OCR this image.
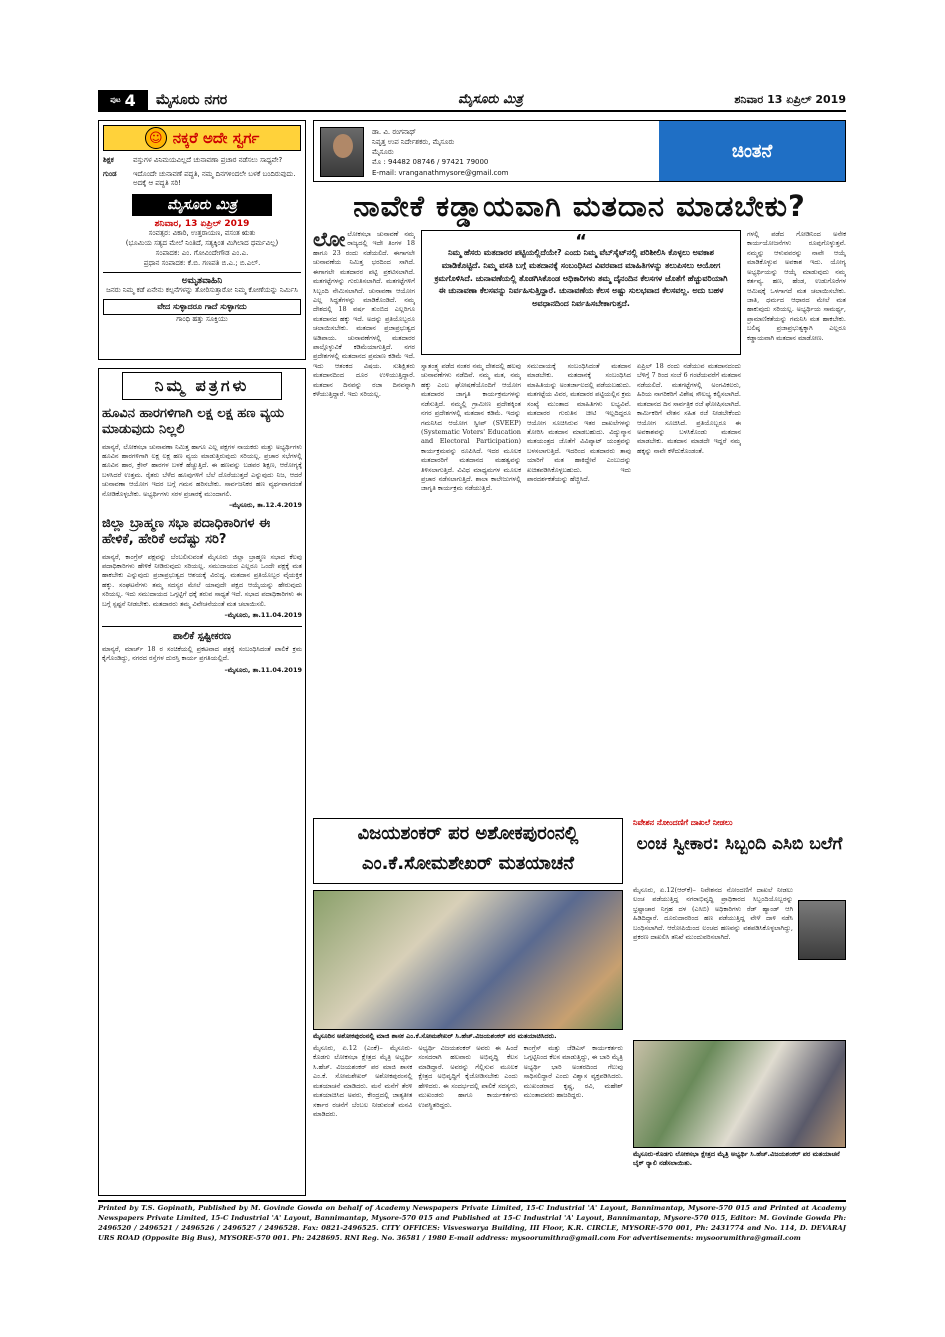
ಪುಟ 4 ಮೈಸೂರು ನಗರ	ಮೈಸೂರು ಮಿತ್ರ	ಶನಿವಾರ 13 ಏಪ್ರಿಲ್ 2019
☺ ನಕ್ಕರೆ ಅದೇ ಸ್ವರ್ಗ
ಶಿಕ್ಷಕ	ವಸ್ತುಗಳ ವಿನಿಮಯವಿಲ್ಲದೆ ಚುನಾವಣಾ ಪ್ರಚಾರ ನಡೆಸಲು ಸಾಧ್ಯವೇ?
ಗುಂಡ	ಇದೊಂದೇ ಚುನಾವಣೆ ಪದ್ಧತಿ, ನಮ್ಮ ದಿನಗಳಿಂದಲೇ ಬಳಕೆ ಬಂದಿರುವುದು. ಅದಕ್ಕೆ ಆ ಪದ್ಧತಿ ಸರಿ!
ಮೈಸೂರು ಮಿತ್ರ
ಶನಿವಾರ, 13 ಏಪ್ರಿಲ್ 2019
ಸಂವತ್ಸರ: ವಿಕಾರಿ, ಉತ್ತರಾಯಣ, ವಸಂತ ಋತು
(ಭೂಮಿಯ ಸತ್ಯದ ಮೇಲೆ ನಿಂತಿದೆ, ಸತ್ಯಕ್ಕಿಂತ ಮಿಗಿಲಾದ ಧರ್ಮವಿಲ್ಲ)
ಸಂಪಾದಕ: ಎಂ. ಗೋವಿಂದೇಗೌಡ ಎಂ.ಎ.
ಪ್ರಧಾನ ಸಂಪಾದಕ: ಕೆ.ಬಿ. ಗಣಪತಿ ಬಿ.ಎ.; ಬಿ.ಎಲ್.
ಅಮೃತವಾಹಿನಿ
ಜನರು ನಿಮ್ಮ ಕಡೆ ಏನೇನು ಕಲ್ಪನೆಗಳನ್ನು ತೋರಿಸುತ್ತಾರೋ ನಿಮ್ಮ ಕೋಣೆಯನ್ನು ನಿರ್ಮಿಸಿ
ವೇದ ಸುಳ್ಳಾದರೂ ಗಾದೆ ಸುಳ್ಳಾಗದು
ಗಾಂಧಿ ಹತ್ತು ಸೂಕ್ತಿಯು
ನಿಮ್ಮ ಪತ್ರಗಳು
ಹೂವಿನ ಹಾರಗಳಿಗಾಗಿ ಲಕ್ಷ ಲಕ್ಷ ಹಣ ವ್ಯಯ ಮಾಡುವುದು ನಿಲ್ಲಲಿ
ಮಾನ್ಯರೆ, ಲೋಕಸಭಾ ಚುನಾವಣಾ ನಿಮಿತ್ತ ಹಾಗೂ ಎಲ್ಲ ಪಕ್ಷಗಳ ನಾಯಕರು ಮತ್ತು ಅಭ್ಯರ್ಥಿಗಳು ಹೂವಿನ ಹಾರಗಳಿಗಾಗಿ ಲಕ್ಷ ಲಕ್ಷ ಹಣ ವ್ಯಯ ಮಾಡುತ್ತಿರುವುದು ಸರಿಯಲ್ಲ. ಪ್ರಚಾರ ಸಭೆಗಳಲ್ಲಿ ಹೂವಿನ ಹಾರ, ಕ್ರೇನ್ ಹಾರಗಳ ಬಳಕೆ ಹೆಚ್ಚುತ್ತಿದೆ. ಈ ಹಣವನ್ನು ಬಡವರ ಶಿಕ್ಷಣ, ಆರೋಗ್ಯಕ್ಕೆ ಬಳಸಿದರೆ ಉತ್ತಮ. ರೈತರು ಬೆಳೆದ ಹೂವುಗಳಿಗೆ ಬೆಲೆ ದೊರೆಯುತ್ತದೆ ಎನ್ನುವುದು ನಿಜ, ಆದರೆ ಚುನಾವಣಾ ಆಯೋಗ ಇದರ ಬಗ್ಗೆ ಗಮನ ಹರಿಸಬೇಕು. ಸಾರ್ವಜನಿಕರ ಹಣ ವ್ಯರ್ಥವಾಗದಂತೆ ನೋಡಿಕೊಳ್ಳಬೇಕು. ಅಭ್ಯರ್ಥಿಗಳು ಸರಳ ಪ್ರಚಾರಕ್ಕೆ ಮುಂದಾಗಲಿ.
–ಮೈಸೂರು, ತಾ.12.4.2019
ಜಿಲ್ಲಾ ಬ್ರಾಹ್ಮಣ ಸಭಾ ಪದಾಧಿಕಾರಿಗಳ ಈ ಹೇಳಿಕೆ, ಹೇರಿಕೆ ಅದೆಷ್ಟು ಸರಿ?
ಮಾನ್ಯರೆ, ಕಾಂಗ್ರೆಸ್ ಪಕ್ಷವನ್ನು ಬೆಂಬಲಿಸುವಂತೆ ಮೈಸೂರು ಜಿಲ್ಲಾ ಬ್ರಾಹ್ಮಣ ಸಭಾದ ಕೆಲವು ಪದಾಧಿಕಾರಿಗಳು ಹೇಳಿಕೆ ನೀಡಿರುವುದು ಸರಿಯಲ್ಲ. ಸಮುದಾಯದ ಎಲ್ಲರೂ ಒಂದೇ ಪಕ್ಷಕ್ಕೆ ಮತ ಹಾಕಬೇಕು ಎನ್ನುವುದು ಪ್ರಜಾಪ್ರಭುತ್ವದ ಆಶಯಕ್ಕೆ ವಿರುದ್ಧ. ಮತದಾನ ಪ್ರತಿಯೊಬ್ಬರ ವೈಯಕ್ತಿಕ ಹಕ್ಕು. ಸಂಘಟನೆಗಳು ತಮ್ಮ ಸದಸ್ಯರ ಮೇಲೆ ಯಾವುದೇ ಪಕ್ಷದ ಆಯ್ಕೆಯನ್ನು ಹೇರುವುದು ಸರಿಯಲ್ಲ. ಇದು ಸಮುದಾಯದ ಒಗ್ಗಟ್ಟಿಗೆ ಧಕ್ಕೆ ತರುವ ಸಾಧ್ಯತೆ ಇದೆ. ಸಭಾದ ಪದಾಧಿಕಾರಿಗಳು ಈ ಬಗ್ಗೆ ಸ್ಪಷ್ಟನೆ ನೀಡಬೇಕು. ಮತದಾರರು ತಮ್ಮ ವಿವೇಚನೆಯಂತೆ ಮತ ಚಲಾಯಿಸಲಿ.
–ಮೈಸೂರು, ತಾ.11.04.2019
ಪಾಲಿಕೆ ಸ್ಪಷ್ಟೀಕರಣ
ಮಾನ್ಯರೆ, ಮಾರ್ಚ್ 18 ರ ಸಂಚಿಕೆಯಲ್ಲಿ ಪ್ರಕಟವಾದ ಪತ್ರಕ್ಕೆ ಸಂಬಂಧಿಸಿದಂತೆ ಪಾಲಿಕೆ ಕ್ರಮ ಕೈಗೊಂಡಿದ್ದು, ನಗರದ ರಸ್ತೆಗಳ ದುರಸ್ತಿ ಕಾರ್ಯ ಪ್ರಗತಿಯಲ್ಲಿದೆ.
–ಮೈಸೂರು, ತಾ.11.04.2019
ಡಾ. ವಿ. ರಂಗನಾಥ್
ನಿವೃತ್ತ ಉಪ ನಿರ್ದೇಶಕರು, ಮೈಸೂರು
ಮೈಸೂರು
ಮೊ : 94482 08746 / 97421 79000
E-mail: vranganathmysore@gmail.com
ಚಿಂತನೆ
ನಾವೇಕೆ ಕಡ್ಡಾಯವಾಗಿ ಮತದಾನ ಮಾಡಬೇಕು?
ಲೋಲೋಕಸಭಾ ಚುನಾವಣೆ ನಮ್ಮ ರಾಜ್ಯದಲ್ಲಿ ಇದೇ ತಿಂಗಳ 18 ಹಾಗೂ 23 ರಂದು ನಡೆಯಲಿದೆ. ಈಗಾಗಲೇ ಚುನಾವಣೆಯ ನಿಮಿತ್ತ ಭರದಿಂದ ಸಾಗಿದೆ. ಈಗಾಗಲೇ ಮತದಾರರ ಪಟ್ಟಿ ಪ್ರಕಟಿಸಲಾಗಿದೆ. ಮತಗಟ್ಟೆಗಳನ್ನು ಗುರುತಿಸಲಾಗಿದೆ. ಮತಗಟ್ಟೆಗಳಿಗೆ ಸಿಬ್ಬಂದಿ ನೇಮಿಸಲಾಗಿದೆ. ಚುನಾವಣಾ ಆಯೋಗ ಎಲ್ಲ ಸಿದ್ಧತೆಗಳನ್ನು ಮಾಡಿಕೊಂಡಿದೆ. ನಮ್ಮ ದೇಶದಲ್ಲಿ 18 ವರ್ಷ ತುಂಬಿದ ಎಲ್ಲರಿಗೂ ಮತದಾನದ ಹಕ್ಕು ಇದೆ. ಅದನ್ನು ಪ್ರತಿಯೊಬ್ಬರೂ ಚಲಾಯಿಸಬೇಕು. ಮತದಾನ ಪ್ರಜಾಪ್ರಭುತ್ವದ ಅಡಿಪಾಯ. ಚುನಾವಣೆಗಳಲ್ಲಿ ಮತದಾರರ ಪಾಲ್ಗೊಳ್ಳುವಿಕೆ ಕಡಿಮೆಯಾಗುತ್ತಿದೆ. ನಗರ ಪ್ರದೇಶಗಳಲ್ಲಿ ಮತದಾನದ ಪ್ರಮಾಣ ಕಡಿಮೆ ಇದೆ. ಇದು ಆತಂಕದ ವಿಷಯ. ಸುಶಿಕ್ಷಿತರು ಮತದಾನದಿಂದ ದೂರ ಉಳಿಯುತ್ತಿದ್ದಾರೆ. ಮತದಾನ ದಿನವನ್ನು ರಜಾ ದಿನವನ್ನಾಗಿ ಕಳೆಯುತ್ತಿದ್ದಾರೆ. ಇದು ಸರಿಯಲ್ಲ.
“
ನಿಮ್ಮ ಹೆಸರು ಮತದಾರರ ಪಟ್ಟಿಯಲ್ಲಿದೆಯೇ? ಎಂದು ನಿಮ್ಮ ವೆಬ್‌ಸೈಟ್‌ನಲ್ಲಿ ಪರಿಶೀಲಿಸಿ ಕೊಳ್ಳಲು ಅವಕಾಶ ಮಾಡಿಕೊಟ್ಟಿದೆ. ನಿಮ್ಮ ವಸತಿ ಬಗ್ಗೆ ಮತದಾನಕ್ಕೆ ಸಂಬಂಧಿಸಿದ ವಿವರವಾದ ಮಾಹಿತಿಗಳನ್ನು ತಲುಪಿಸಲು ಆಯೋಗ ಕ್ರಮಗೊಳಿಸಿದೆ. ಚುನಾವಣೆಯಲ್ಲಿ ತೊಡಗಿಸಿಕೊಂಡ ಅಧಿಕಾರಿಗಳು ತಮ್ಮ ದೈನಂದಿನ ಕೆಲಸಗಳ ಜೊತೆಗೆ ಹೆಚ್ಚುವರಿಯಾಗಿ ಈ ಚುನಾವಣಾ ಕೆಲಸವನ್ನು ನಿರ್ವಹಿಸುತ್ತಿದ್ದಾರೆ. ಚುನಾವಣೆಯ ಕೆಲಸ ಅಷ್ಟು ಸುಲಭವಾದ ಕೆಲಸವಲ್ಲ. ಅದು ಬಹಳ ಅವಧಾನದಿಂದ ನಿರ್ವಹಿಸಬೇಕಾಗುತ್ತದೆ.
ಸ್ವಾತಂತ್ರ್ಯ ಪಡೆದ ನಂತರ ನಮ್ಮ ದೇಶದಲ್ಲಿ ಹಲವು ಚುನಾವಣೆಗಳು ನಡೆದಿವೆ. ನಮ್ಮ ಮತ, ನಮ್ಮ ಹಕ್ಕು ಎಂಬ ಘೋಷಣೆಯೊಂದಿಗೆ ಆಯೋಗ ಮತದಾರರ ಜಾಗೃತಿ ಕಾರ್ಯಕ್ರಮಗಳನ್ನು ನಡೆಸುತ್ತಿದೆ. ನಮ್ಮಲ್ಲಿ ಗ್ರಾಮೀಣ ಪ್ರದೇಶಕ್ಕಿಂತ ನಗರ ಪ್ರದೇಶಗಳಲ್ಲಿ ಮತದಾನ ಕಡಿಮೆ. ಇದನ್ನು ಗಮನಿಸಿದ ಆಯೋಗ ಸ್ವೀಪ್ (SVEEP) (Systematic Voters' Education and Electoral Participation) ಕಾರ್ಯಕ್ರಮವನ್ನು ರೂಪಿಸಿದೆ. ಇದರ ಮೂಲಕ ಮತದಾರರಿಗೆ ಮತದಾನದ ಮಹತ್ವವನ್ನು ತಿಳಿಸಲಾಗುತ್ತಿದೆ. ವಿವಿಧ ಮಾಧ್ಯಮಗಳ ಮೂಲಕ ಪ್ರಚಾರ ನಡೆಸಲಾಗುತ್ತಿದೆ. ಶಾಲಾ ಕಾಲೇಜುಗಳಲ್ಲಿ ಜಾಗೃತಿ ಕಾರ್ಯಕ್ರಮ ನಡೆಯುತ್ತಿದೆ.
ಸಮುದಾಯಕ್ಕೆ ಸಂಬಂಧಿಸಿದಂತೆ ಮತದಾನ ಮಾಡಬೇಕು. ಮತದಾನಕ್ಕೆ ಸಂಬಂಧಿಸಿದ ಮಾಹಿತಿಯನ್ನು ಅಂತರ್ಜಾಲದಲ್ಲಿ ಪಡೆಯಬಹುದು. ಮತಗಟ್ಟೆಯ ವಿವರ, ಮತದಾರರ ಪಟ್ಟಿಯಲ್ಲಿನ ಕ್ರಮ ಸಂಖ್ಯೆ ಮುಂತಾದ ಮಾಹಿತಿಗಳು ಲಭ್ಯವಿವೆ. ಮತದಾರರ ಗುರುತಿನ ಚೀಟಿ ಇಲ್ಲದಿದ್ದರೂ ಆಯೋಗ ಸೂಚಿಸಿರುವ ಇತರ ದಾಖಲೆಗಳನ್ನು ತೋರಿಸಿ ಮತದಾನ ಮಾಡಬಹುದು. ವಿದ್ಯುನ್ಮಾನ ಮತಯಂತ್ರದ ಜೊತೆಗೆ ವಿವಿಪ್ಯಾಟ್ ಯಂತ್ರವನ್ನು ಬಳಸಲಾಗುತ್ತಿದೆ. ಇದರಿಂದ ಮತದಾರರು ತಾವು ಯಾರಿಗೆ ಮತ ಹಾಕಿದ್ದೇವೆ ಎಂಬುದನ್ನು ಖಚಿತಪಡಿಸಿಕೊಳ್ಳಬಹುದು. ಇದು ಪಾರದರ್ಶಕತೆಯನ್ನು ಹೆಚ್ಚಿಸಿದೆ.
ಏಪ್ರಿಲ್ 18 ರಂದು ನಡೆಯುವ ಮತದಾನದಂದು ಬೆಳಿಗ್ಗೆ 7 ರಿಂದ ಸಂಜೆ 6 ಗಂಟೆಯವರೆಗೆ ಮತದಾನ ನಡೆಯಲಿದೆ. ಮತಗಟ್ಟೆಗಳಲ್ಲಿ ಅಂಗವಿಕಲರು, ಹಿರಿಯ ನಾಗರಿಕರಿಗೆ ವಿಶೇಷ ಸೌಲಭ್ಯ ಕಲ್ಪಿಸಲಾಗಿದೆ. ಮತದಾನದ ದಿನ ಸಾರ್ವತ್ರಿಕ ರಜೆ ಘೋಷಿಸಲಾಗಿದೆ. ಕಾರ್ಮಿಕರಿಗೆ ವೇತನ ಸಹಿತ ರಜೆ ನೀಡಬೇಕೆಂದು ಆಯೋಗ ಸೂಚಿಸಿದೆ. ಪ್ರತಿಯೊಬ್ಬರೂ ಈ ಅವಕಾಶವನ್ನು ಬಳಸಿಕೊಂಡು ಮತದಾನ ಮಾಡಬೇಕು. ಮತದಾನ ಮಾಡದೇ ಇದ್ದರೆ ನಮ್ಮ ಹಕ್ಕನ್ನು ನಾವೇ ಕಳೆದುಕೊಂಡಂತೆ.
ಗಳಲ್ಲಿ ಪಡೆದ ಗೋಡಿನಿಂದ ಅನೇಕ ಕಾರ್ಯಯೋಜನೆಗಳು ರೂಪುಗೊಳ್ಳುತ್ತವೆ. ನಮ್ಮನ್ನು ಆಳುವವರನ್ನು ನಾವೇ ಆಯ್ಕೆ ಮಾಡಿಕೊಳ್ಳುವ ಅವಕಾಶ ಇದು. ಯೋಗ್ಯ ಅಭ್ಯರ್ಥಿಯನ್ನು ಆಯ್ಕೆ ಮಾಡುವುದು ನಮ್ಮ ಕರ್ತವ್ಯ. ಹಣ, ಹೆಂಡ, ಉಡುಗೊರೆಗಳ ಆಮಿಷಕ್ಕೆ ಒಳಗಾಗದೆ ಮತ ಚಲಾಯಿಸಬೇಕು. ಜಾತಿ, ಧರ್ಮದ ಆಧಾರದ ಮೇಲೆ ಮತ ಹಾಕುವುದು ಸರಿಯಲ್ಲ. ಅಭ್ಯರ್ಥಿಯ ಸಾಮರ್ಥ್ಯ, ಪ್ರಾಮಾಣಿಕತೆಯನ್ನು ಗಮನಿಸಿ ಮತ ಹಾಕಬೇಕು. ಬಲಿಷ್ಠ ಪ್ರಜಾಪ್ರಭುತ್ವಕ್ಕಾಗಿ ಎಲ್ಲರೂ ಕಡ್ಡಾಯವಾಗಿ ಮತದಾನ ಮಾಡೋಣ.
ವಿಜಯಶಂಕರ್ ಪರ ಅಶೋಕಪುರಂನಲ್ಲಿ ಎಂ.ಕೆ.ಸೋಮಶೇಖರ್ ಮತಯಾಚನೆ
ಮೈಸೂರಿನ ಅಶೋಕಪುರಂನಲ್ಲಿ ಮಾಜಿ ಶಾಸಕ ಎಂ.ಕೆ.ಸೋಮಶೇಖರ್ ಸಿ.ಹೆಚ್.ವಿಜಯಶಂಕರ್ ಪರ ಮತಯಾಚಿಸಿದರು.
ಮೈಸೂರು, ಏ.12 (ಎಂಕೆ)– ಮೈಸೂರು-ಕೊಡಗು ಲೋಕಸಭಾ ಕ್ಷೇತ್ರದ ಮೈತ್ರಿ ಅಭ್ಯರ್ಥಿ ಸಿ.ಹೆಚ್. ವಿಜಯಶಂಕರ್ ಪರ ಮಾಜಿ ಶಾಸಕ ಎಂ.ಕೆ. ಸೋಮಶೇಖರ್ ಅಶೋಕಪುರಂನಲ್ಲಿ ಮತಯಾಚನೆ ಮಾಡಿದರು. ಮನೆ ಮನೆಗೆ ತೆರಳಿ ಮತಯಾಚಿಸಿದ ಅವರು, ಕೇಂದ್ರದಲ್ಲಿ ಜಾತ್ಯತೀತ ಸರ್ಕಾರ ರಚನೆಗೆ ಬೆಂಬಲ ನೀಡುವಂತೆ ಮನವಿ ಮಾಡಿದರು.
ಅಭ್ಯರ್ಥಿ ವಿಜಯಶಂಕರ್ ಅವರು ಈ ಹಿಂದೆ ಸಂಸದರಾಗಿ ಹಲವಾರು ಅಭಿವೃದ್ಧಿ ಕೆಲಸ ಮಾಡಿದ್ದಾರೆ. ಅವರನ್ನು ಗೆಲ್ಲಿಸುವ ಮೂಲಕ ಕ್ಷೇತ್ರದ ಅಭಿವೃದ್ಧಿಗೆ ಕೈಜೋಡಿಸಬೇಕು ಎಂದು ಹೇಳಿದರು. ಈ ಸಂದರ್ಭದಲ್ಲಿ ಪಾಲಿಕೆ ಸದಸ್ಯರು, ಮುಖಂಡರು ಹಾಗೂ ಕಾರ್ಯಕರ್ತರು ಉಪಸ್ಥಿತರಿದ್ದರು.
ಕಾಂಗ್ರೆಸ್ ಮತ್ತು ಜೆಡಿಎಸ್ ಕಾರ್ಯಕರ್ತರು ಒಗ್ಗಟ್ಟಿನಿಂದ ಕೆಲಸ ಮಾಡುತ್ತಿದ್ದು, ಈ ಬಾರಿ ಮೈತ್ರಿ ಅಭ್ಯರ್ಥಿ ಭಾರಿ ಅಂತರದಿಂದ ಗೆಲುವು ಸಾಧಿಸಲಿದ್ದಾರೆ ಎಂದು ವಿಶ್ವಾಸ ವ್ಯಕ್ತಪಡಿಸಿದರು. ಮುಖಂಡರಾದ ಕೃಷ್ಣ, ರವಿ, ಮಹೇಶ್ ಮುಂತಾದವರು ಹಾಜರಿದ್ದರು.
ನಿವೇಶನ ನೋಂದಣಿಗೆ ದಾಖಲೆ ನೀಡಲು
ಲಂಚ ಸ್ವೀಕಾರ: ಸಿಬ್ಬಂದಿ ಎಸಿಬಿ ಬಲೆಗೆ
ಮೈಸೂರು, ಏ.12(ಆರ್‌ಕೆ)– ನಿವೇಶನದ ನೋಂದಣಿಗೆ ದಾಖಲೆ ನೀಡಲು ಲಂಚ ಪಡೆಯುತ್ತಿದ್ದ ನಗರಾಭಿವೃದ್ಧಿ ಪ್ರಾಧಿಕಾರದ ಸಿಬ್ಬಂದಿಯೊಬ್ಬರನ್ನು ಭ್ರಷ್ಟಾಚಾರ ನಿಗ್ರಹ ದಳ (ಎಸಿಬಿ) ಅಧಿಕಾರಿಗಳು ರೆಡ್ ಹ್ಯಾಂಡ್ ಆಗಿ ಹಿಡಿದಿದ್ದಾರೆ. ದೂರುದಾರರಿಂದ ಹಣ ಪಡೆಯುತ್ತಿದ್ದ ವೇಳೆ ದಾಳಿ ನಡೆಸಿ ಬಂಧಿಸಲಾಗಿದೆ. ಆರೋಪಿಯಿಂದ ಲಂಚದ ಹಣವನ್ನು ವಶಪಡಿಸಿಕೊಳ್ಳಲಾಗಿದ್ದು, ಪ್ರಕರಣ ದಾಖಲಿಸಿ ತನಿಖೆ ಮುಂದುವರಿಸಲಾಗಿದೆ.
ಮೈಸೂರು-ಕೊಡಗು ಲೋಕಸಭಾ ಕ್ಷೇತ್ರದ ಮೈತ್ರಿ ಅಭ್ಯರ್ಥಿ ಸಿ.ಹೆಚ್.ವಿಜಯಶಂಕರ್ ಪರ ಮತಯಾಚನೆ ಬೈಕ್ ರ‍್ಯಾಲಿ ನಡೆಸಲಾಯಿತು.
Printed by T.S. Gopinath, Published by M. Govinde Gowda on behalf of Academy Newspapers Private Limited, 15-C Industrial 'A' Layout, Bannimantap, Mysore-570 015 and Printed at Academy Newspapers Private Limited, 15-C Industrial 'A' Layout, Bannimantap, Mysore-570 015 and Published at 15-C Industrial 'A' Layout, Bannimantap, Mysore-570 015, Editor: M. Govinde Gowda Ph: 2496520 / 2496521 / 2496526 / 2496527 / 2496528. Fax: 0821-2496525. CITY OFFICES: Visveswarya Building, III Floor, K.R. CIRCLE, MYSORE-570 001, Ph: 2431774 and No. 114, D. DEVARAJ URS ROAD (Opposite Big Bus), MYSORE-570 001. Ph: 2428695. RNI Reg. No. 36581 / 1980 E-mail address: mysoorumithra@gmail.com For advertisements: mysoorumithra@gmail.com
